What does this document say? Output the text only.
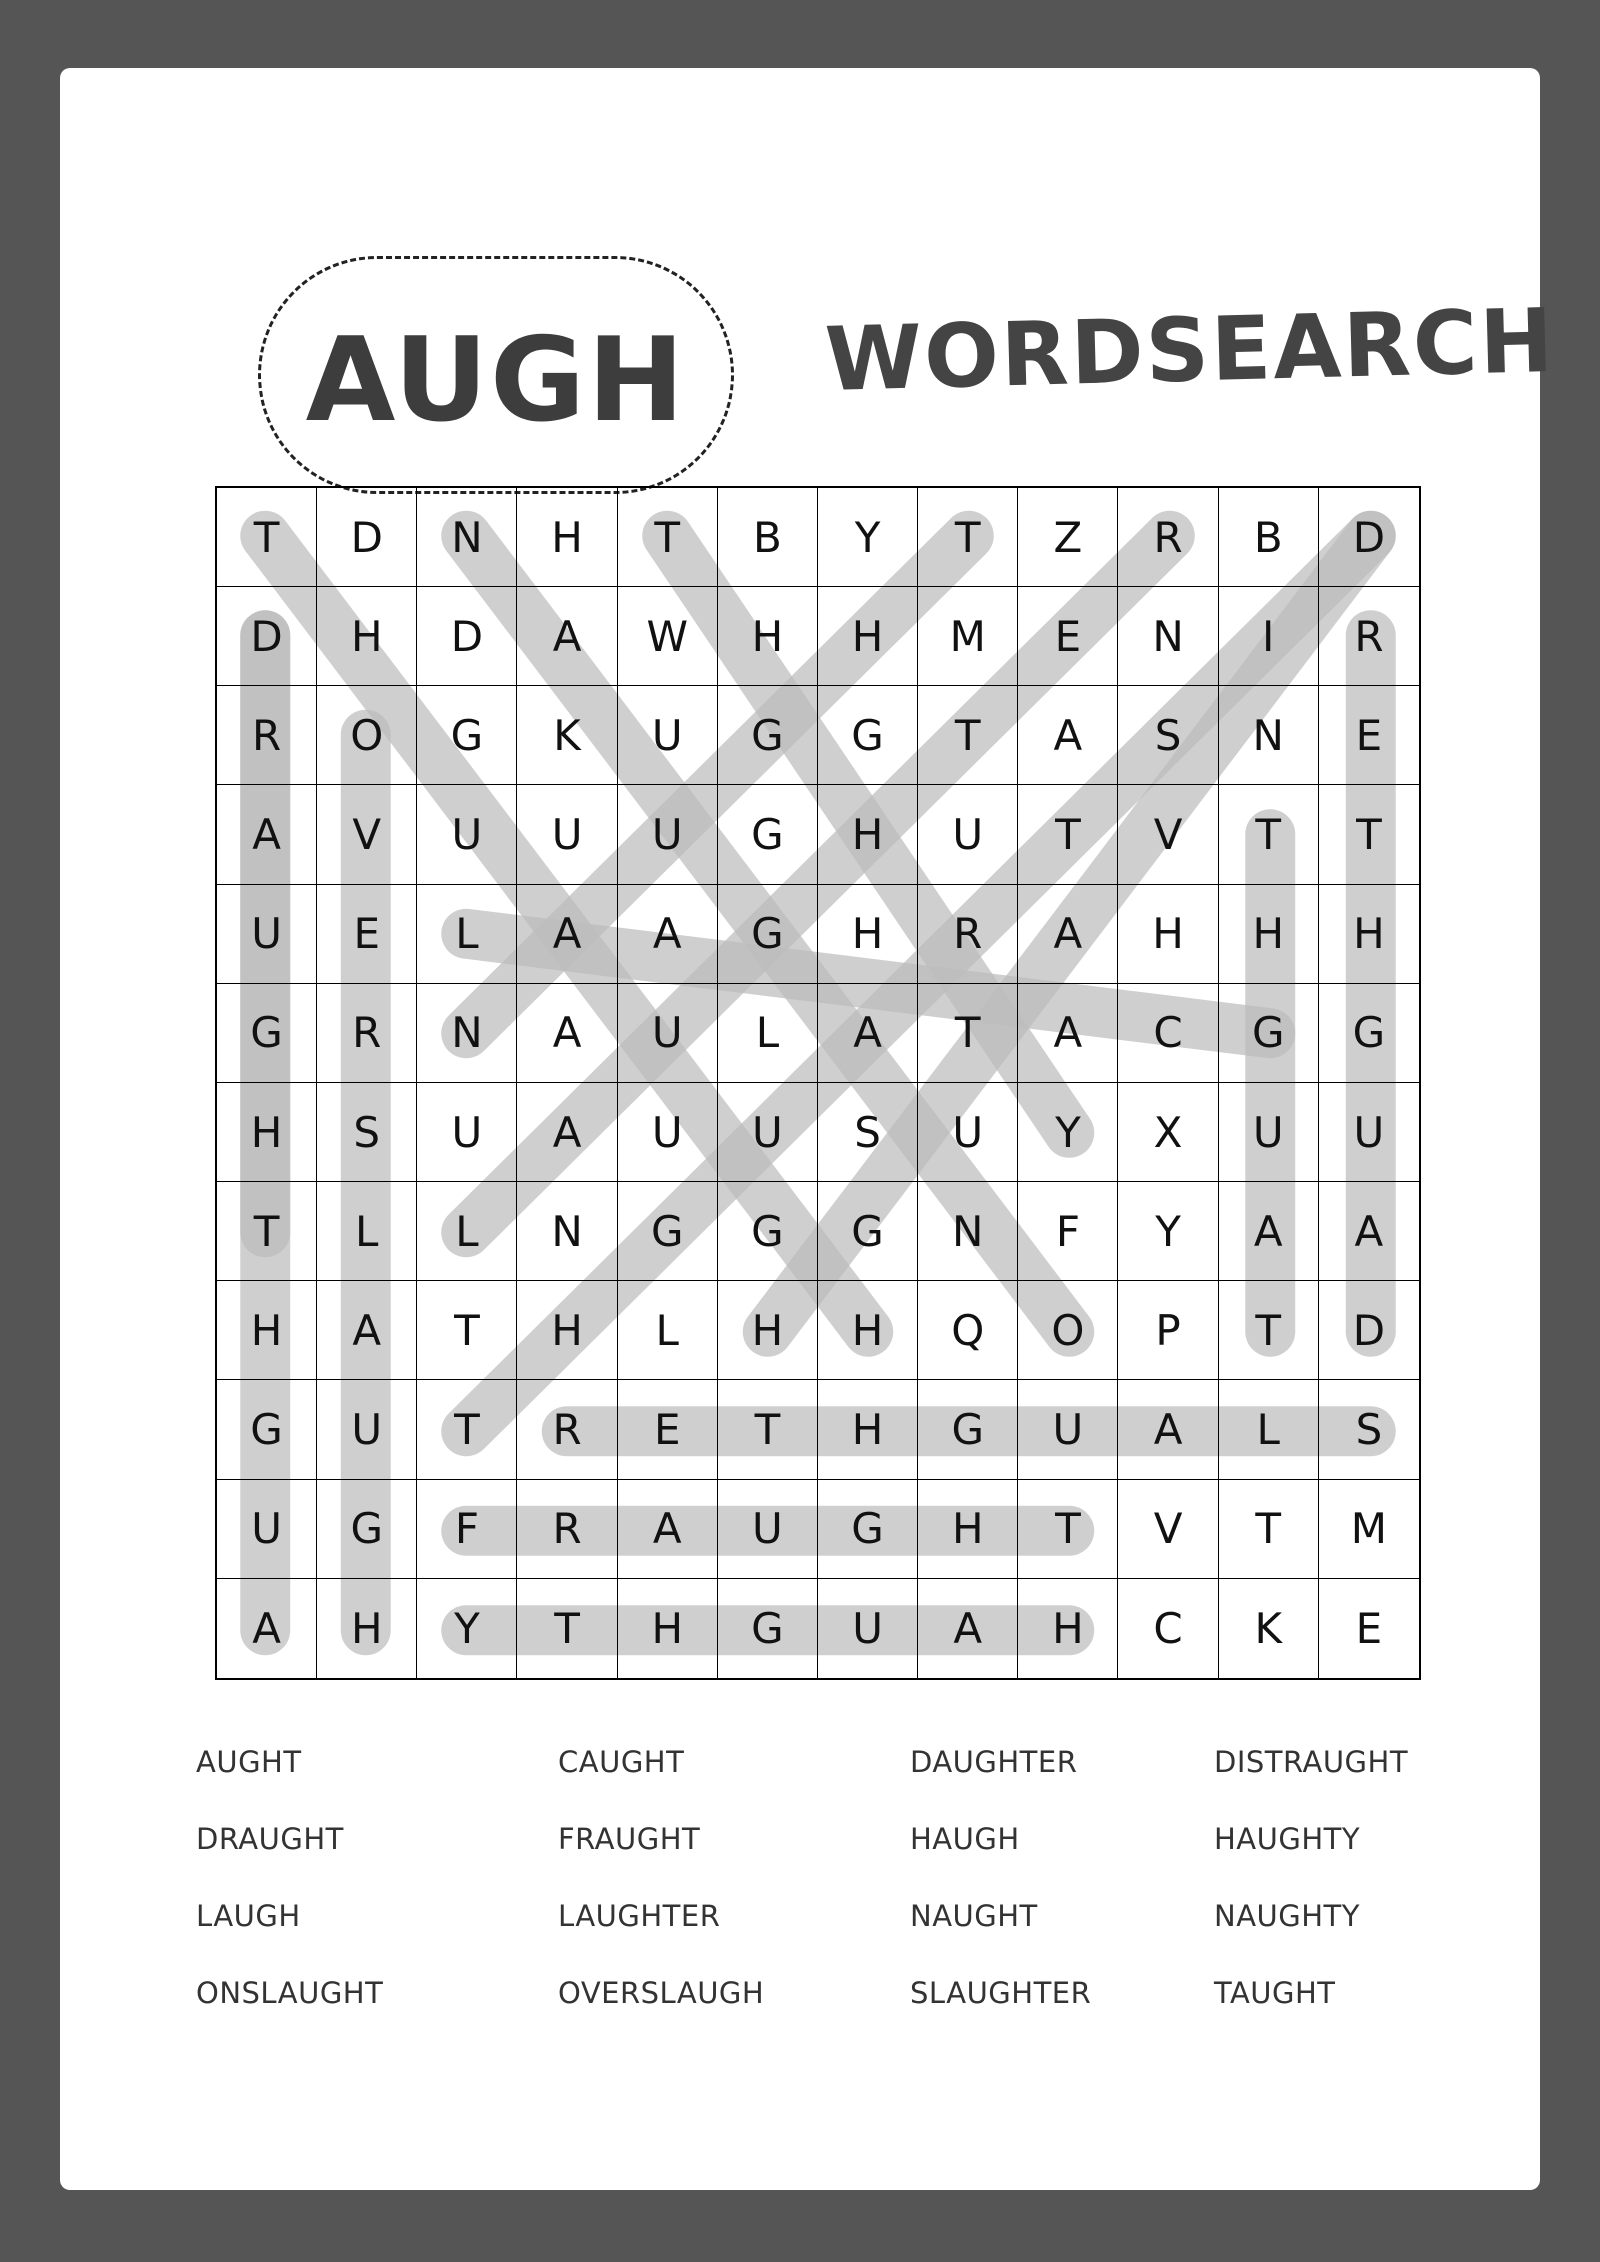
AUGH WORDSEARCH
T	D	N	H	T	B	Y	T	Z	R	B	D
D	H	D	A	W	H	H	M	E	N	I	R
R	O	G	K	U	G	G	T	A	S	N	E
A	V	U	U	U	G	H	U	T	V	T	T
U	E	L	A	A	G	H	R	A	H	H	H
G	R	N	A	U	L	A	T	A	C	G	G
H	S	U	A	U	U	S	U	Y	X	U	U
T	L	L	N	G	G	G	N	F	Y	A	A
H	A	T	H	L	H	H	Q	O	P	T	D
G	U	T	R	E	T	H	G	U	A	L	S
U	G	F	R	A	U	G	H	T	V	T	M
A	H	Y	T	H	G	U	A	H	C	K	E
AUGHT	CAUGHT	DAUGHTER	DISTRAUGHT
DRAUGHT	FRAUGHT	HAUGH	HAUGHTY
LAUGH	LAUGHTER	NAUGHT	NAUGHTY
ONSLAUGHT	OVERSLAUGH	SLAUGHTER	TAUGHT
